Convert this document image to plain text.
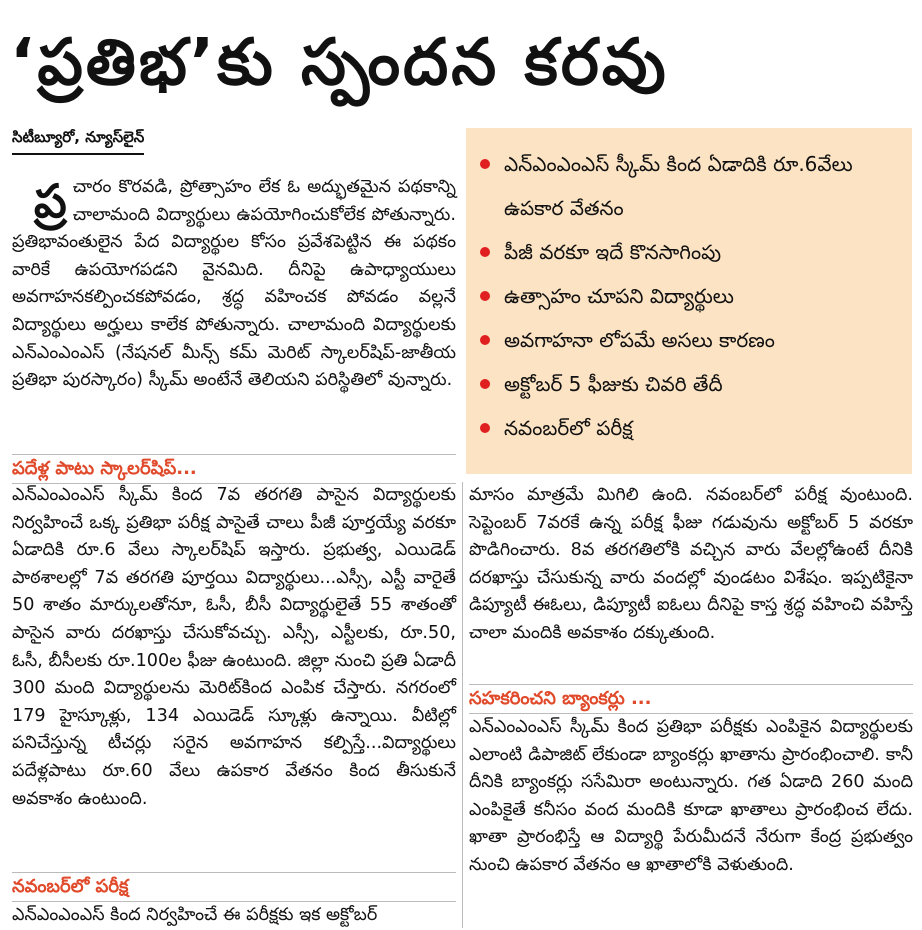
‘ప్రతిభ’కు స్పందన కరవు
సిటీబ్యూరో, న్యూస్‌లైన్
ప్ర చారం కొరవడి, ప్రోత్సాహం లేక ఓ అద్భుతమైన పథకాన్ని చాలామంది విద్యార్థులు ఉపయోగించుకోలేక పోతున్నారు. ప్రతిభావంతులైన పేద విద్యార్థుల కోసం ప్రవేశపెట్టిన ఈ పథకం వారికే ఉపయోగపడని వైనమిది. దీనిపై ఉపాధ్యాయులు అవగాహనకల్పించకపోవడం, శ్రద్ధ వహించక పోవడం వల్లనే విద్యార్థులు అర్హులు కాలేక పోతున్నారు. చాలామంది విద్యార్థులకు ఎన్‌ఎంఎంఎస్ (నేషనల్ మీన్స్ కమ్ మెరిట్ స్కాలర్‌షిప్-జాతీయ ప్రతిభా పురస్కారం) స్కీమ్ అంటేనే తెలియని పరిస్థితిలో వున్నారు.

ఎన్‌ఎంఎంఎస్ స్కీమ్ కింద ఏడాదికి రూ.6వేలు ఉపకార వేతనం
పీజీ వరకూ ఇదే కొనసాగింపు
ఉత్సాహం చూపని విద్యార్థులు
అవగాహనా లోపమే అసలు కారణం
అక్టోబర్ 5 ఫీజుకు చివరి తేదీ
నవంబర్‌లో పరీక్ష

పదేళ్ల పాటు స్కాలర్‌షిప్...

ఎన్‌ఎంఎంఎస్ స్కీమ్ కింద 7వ తరగతి పాసైన విద్యార్థులకు నిర్వహించే ఒక్క ప్రతిభా పరీక్ష పాసైతే చాలు పీజీ పూర్తయ్యే వరకూ ఏడాదికి రూ.6 వేలు స్కాలర్‌షిప్ ఇస్తారు. ప్రభుత్వ, ఎయిడెడ్ పాఠశాలల్లో 7వ తరగతి పూర్తయి విద్యార్థులు...ఎస్సీ, ఎస్టీ వారైతే 50 శాతం మార్కులతోనూ, ఓసీ, బీసీ విద్యార్థులైతే 55 శాతంతో పాసైన వారు దరఖాస్తు చేసుకోవచ్చు. ఎస్సీ, ఎస్టీలకు, రూ.50, ఓసీ, బీసీలకు రూ.100ల ఫీజు ఉంటుంది. జిల్లా నుంచి ప్రతి ఏడాదీ 300 మంది విద్యార్థులను మెరిట్‌కింద ఎంపిక చేస్తారు. నగరంలో 179 హైస్కూళ్లు, 134 ఎయిడెడ్ స్కూళ్లు ఉన్నాయి. వీటిల్లో పనిచేస్తున్న టీచర్లు సరైన అవగాహన కల్పిస్తే...విద్యార్థులు పదేళ్లపాటు రూ.60 వేలు ఉపకార వేతనం కింద తీసుకునే అవకాశం ఉంటుంది.

నవంబర్‌లో పరీక్ష

ఎన్‌ఎంఎంఎస్ కింద నిర్వహించే ఈ పరీక్షకు ఇక అక్టోబర్

మాసం మాత్రమే మిగిలి ఉంది. నవంబర్‌లో పరీక్ష వుంటుంది. సెప్టెంబర్ 7వరకే ఉన్న పరీక్ష ఫీజు గడువును అక్టోబర్ 5 వరకూ పొడిగించారు. 8వ తరగతిలోకి వచ్చిన వారు వేలల్లోఉంటే దీనికి దరఖాస్తు చేసుకున్న వారు వందల్లో వుండటం విశేషం. ఇప్పటికైనా డిప్యూటీ ఈఓలు, డిప్యూటీ ఐఓలు దీనిపై కాస్త శ్రద్ధ వహించి వహిస్తే చాలా మందికి అవకాశం దక్కుతుంది.

సహకరించని బ్యాంకర్లు ...

ఎన్‌ఎంఎంఎస్ స్కీమ్ కింద ప్రతిభా పరీక్షకు ఎంపికైన విద్యార్థులకు ఎలాంటి డిపాజిట్ లేకుండా బ్యాంకర్లు ఖాతాను ప్రారంభించాలి. కానీ దీనికి బ్యాంకర్లు ససేమిరా అంటున్నారు. గత ఏడాది 260 మంది ఎంపికైతే కనీసం వంద మందికి కూడా ఖాతాలు ప్రారంభించ లేదు. ఖాతా ప్రారంభిస్తే ఆ విద్యార్థి పేరుమీదనే నేరుగా కేంద్ర ప్రభుత్వం నుంచి ఉపకార వేతనం ఆ ఖాతాలోకి వెళుతుంది.
